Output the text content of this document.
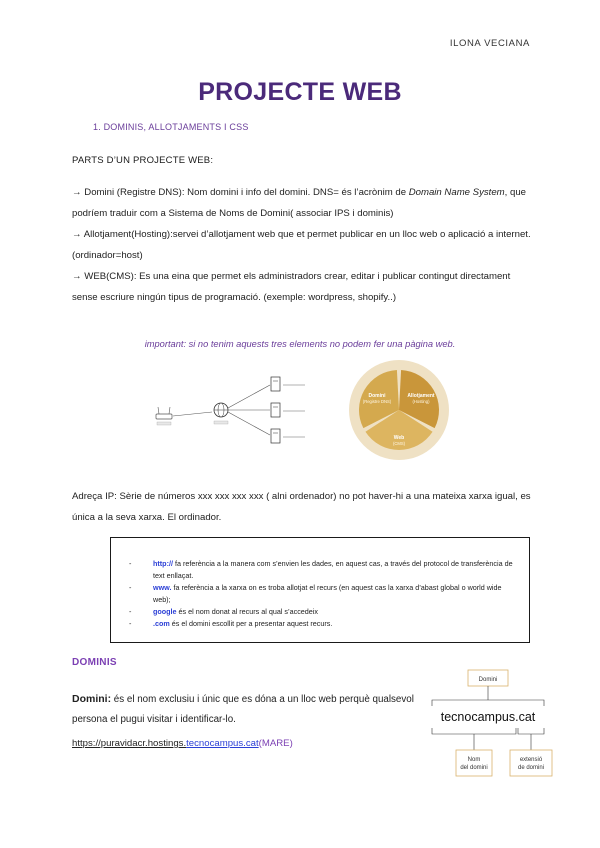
ILONA VECIANA
PROJECTE WEB
1. DOMINIS, ALLOTJAMENTS I CSS
PARTS D’UN PROJECTE WEB:
→ Domini (Registre DNS): Nom domini i info del domini. DNS= és l’acrònim de Domain Name System, que podríem traduir com a Sistema de Noms de Domini( associar IPS i dominis)
→ Allotjament(Hosting):servei d’allotjament web que et permet publicar en un lloc web o aplicació a internet. (ordinador=host)
→ WEB(CMS): Es una eina que permet els administradors crear, editar i publicar contingut directament sense escriure ningún tipus de programació. (exemple: wordpress, shopify..)
important: si no tenim aquests tres elements no podem fer una pàgina web.
Domini
(Registre DNS)
Allotjament
(Hosting)
Web
(CMS)
Adreça IP: Sèrie de números xxx xxx xxx xxx ( alni ordenador) no pot haver-hi a una mateixa xarxa igual, es única a la seva xarxa. El ordinador.
-	http:// fa referència a la manera com s’envien les dades, en aquest cas, a través del protocol de transferència de text enllaçat.
-	www. fa referència a la xarxa on es troba allotjat el recurs (en aquest cas la xarxa d’abast global o world wide web);
-	google és el nom donat al recurs al qual s’accedeix
-	.com és el domini escollit per a presentar aquest recurs.
DOMINIS
Domini: és el nom exclusiu i únic que es dóna a un lloc web perquè qualsevol persona el pugui visitar i identificar-lo.
https://puravidacr.hostings.tecnocampus.cat(MARE)
Domini
tecnocampus.cat
Nom del domini
extensió de domini
